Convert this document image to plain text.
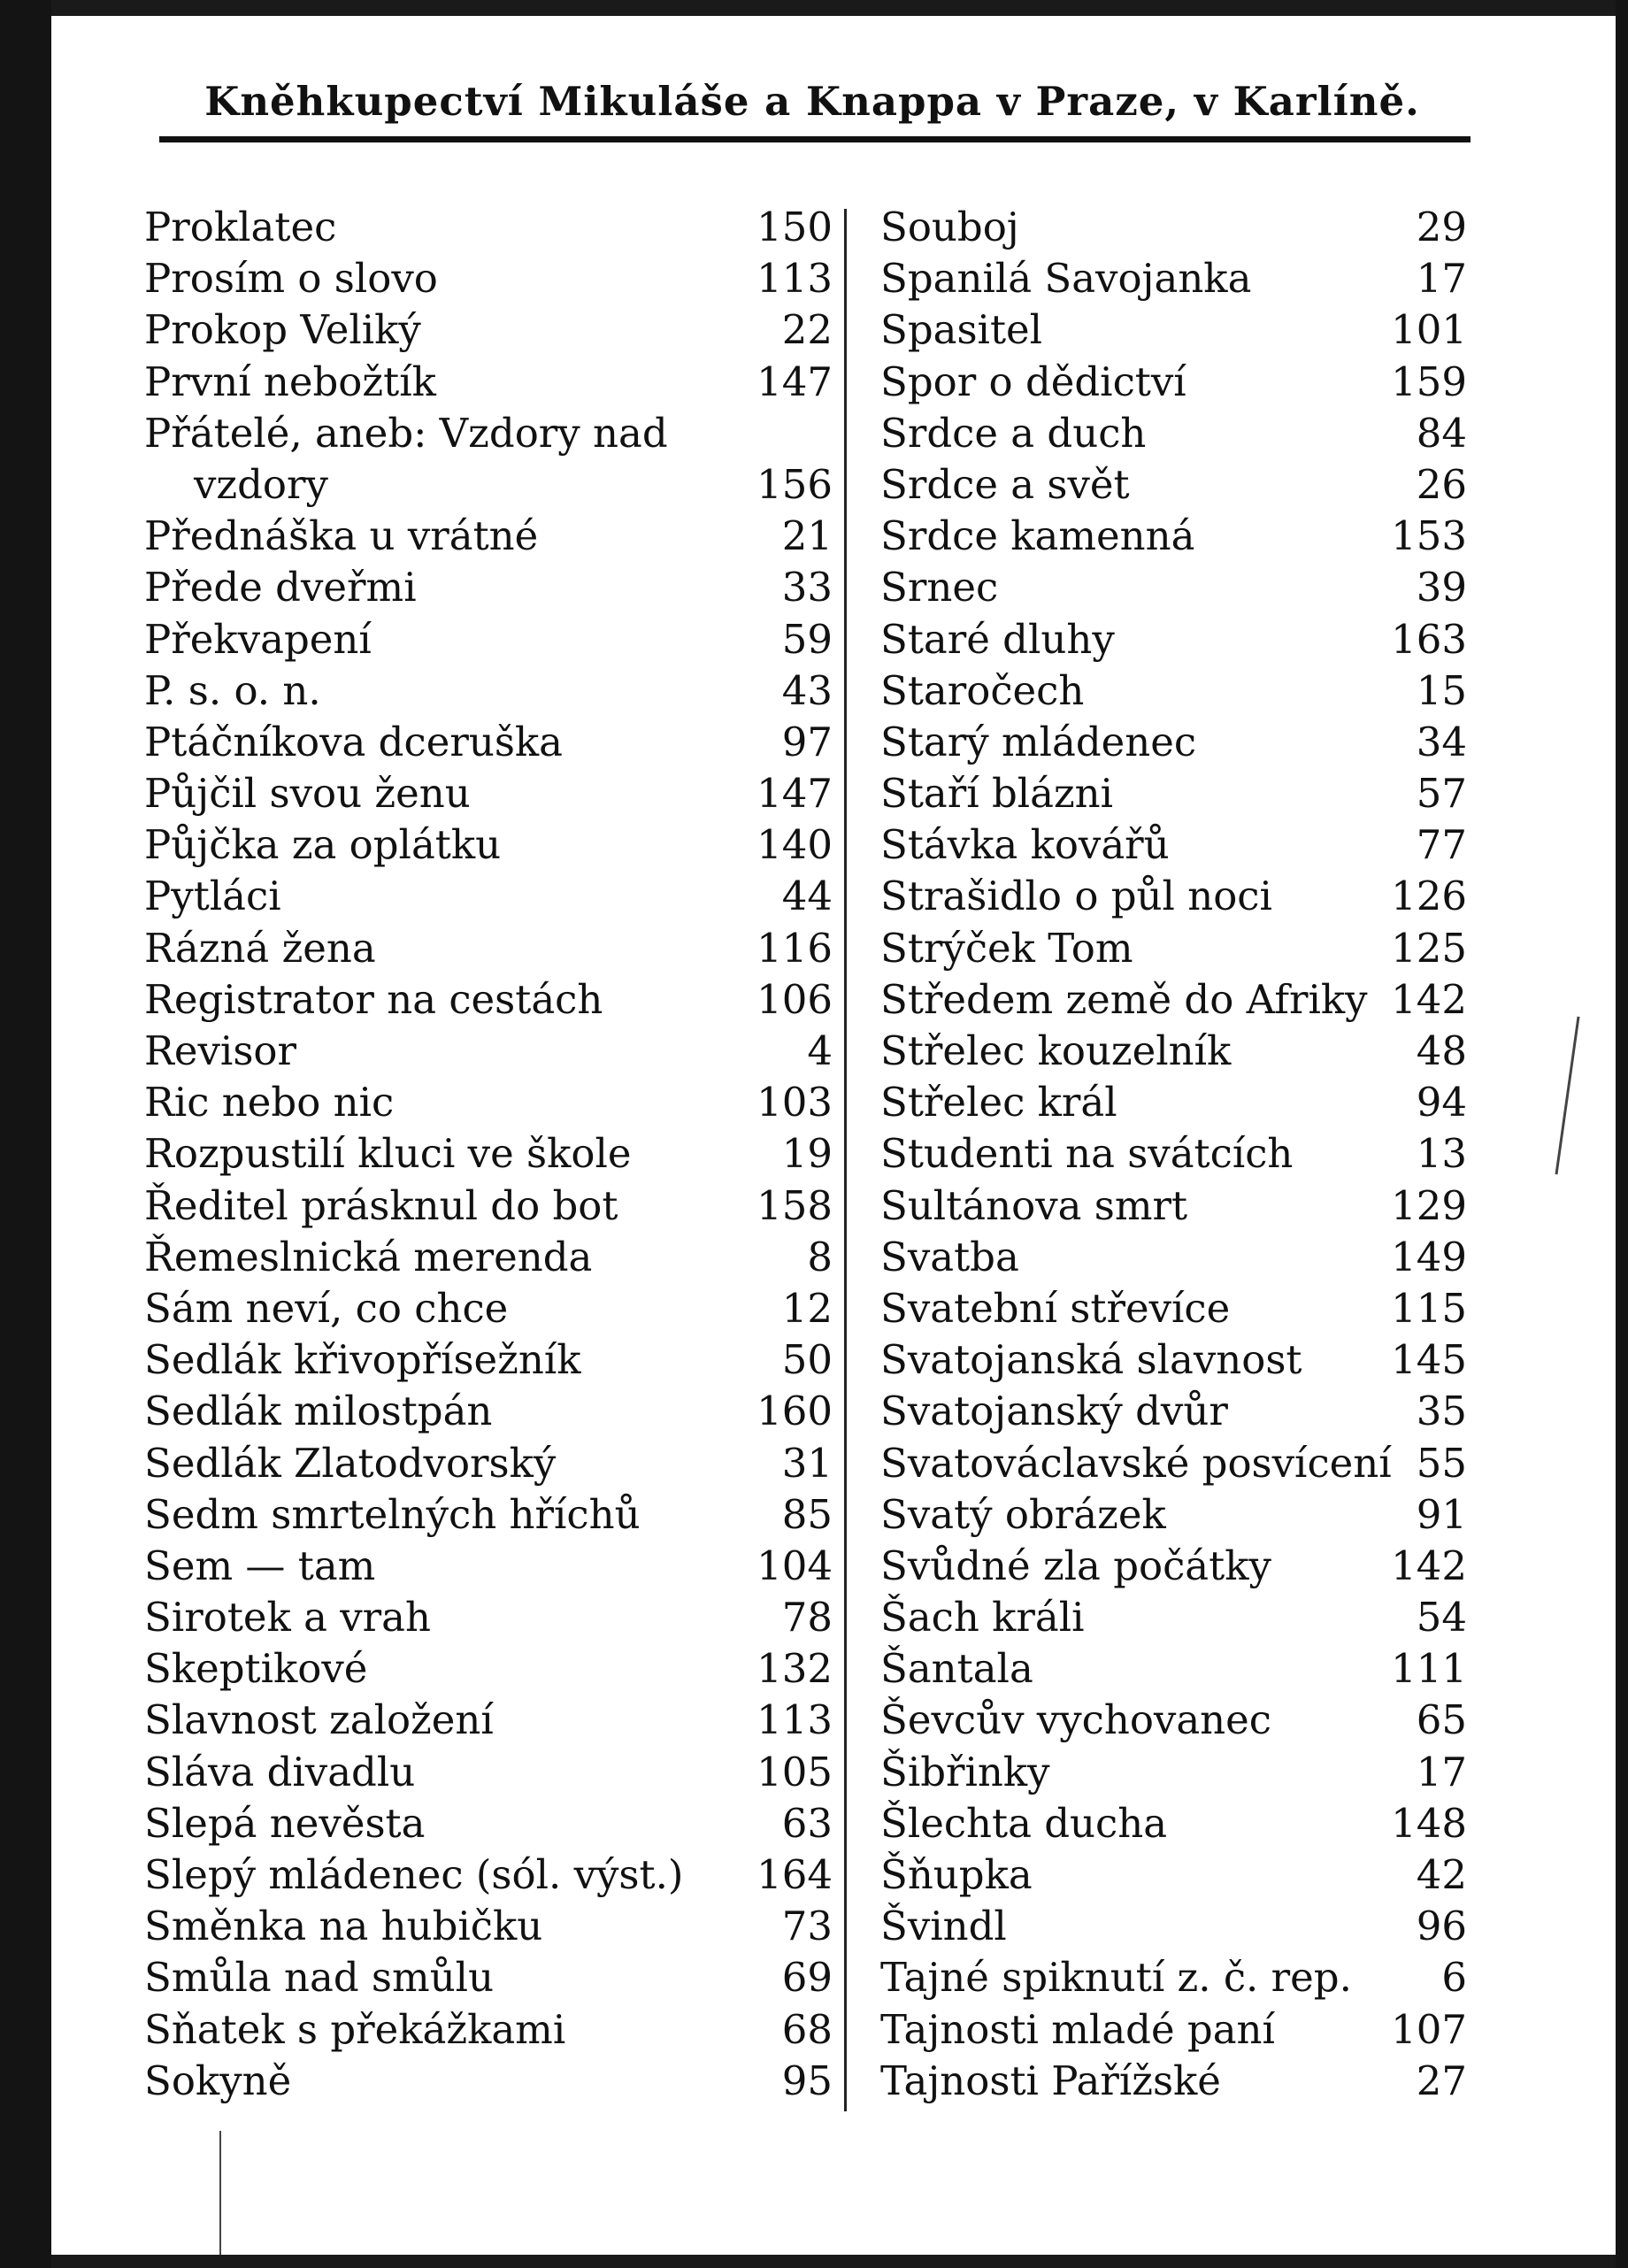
Kněhkupectví Mikuláše a Knappa v Praze, v Karlíně.
Proklatec	150
Prosím o slovo	113
Prokop Veliký	22
První nebožtík	147
Přátelé, aneb: Vzdory nad
vzdory	156
Přednáška u vrátné	21
Přede dveřmi	33
Překvapení	59
P. s. o. n.	43
Ptáčníkova dceruška	97
Půjčil svou ženu	147
Půjčka za oplátku	140
Pytláci	44
Rázná žena	116
Registrator na cestách	106
Revisor	4
Ric nebo nic	103
Rozpustilí kluci ve škole	19
Ředitel prásknul do bot	158
Řemeslnická merenda	8
Sám neví, co chce	12
Sedlák křivopřísežník	50
Sedlák milostpán	160
Sedlák Zlatodvorský	31
Sedm smrtelných hříchů	85
Sem — tam	104
Sirotek a vrah	78
Skeptikové	132
Slavnost založení	113
Sláva divadlu	105
Slepá nevěsta	63
Slepý mládenec (sól. výst.)	164
Směnka na hubičku	73
Smůla nad smůlu	69
Sňatek s překážkami	68
Sokyně	95
Souboj	29
Spanilá Savojanka	17
Spasitel	101
Spor o dědictví	159
Srdce a duch	84
Srdce a svět	26
Srdce kamenná	153
Srnec	39
Staré dluhy	163
Staročech	15
Starý mládenec	34
Staří blázni	57
Stávka kovářů	77
Strašidlo o půl noci	126
Strýček Tom	125
Středem země do Afriky 142
Střelec kouzelník	48
Střelec král	94
Studenti na svátcích	13
Sultánova smrt	129
Svatba	149
Svatební střevíce	115
Svatojanská slavnost	145
Svatojanský dvůr	35
Svatováclavské posvícení 55
Svatý obrázek	91
Svůdné zla počátky	142
Šach králi	54
Šantala	111
Ševcův vychovanec	65
Šibřinky	17
Šlechta ducha	148
Šňupka	42
Švindl	96
Tajné spiknutí z. č. rep.	6
Tajnosti mladé paní	107
Tajnosti Pařížské	27
